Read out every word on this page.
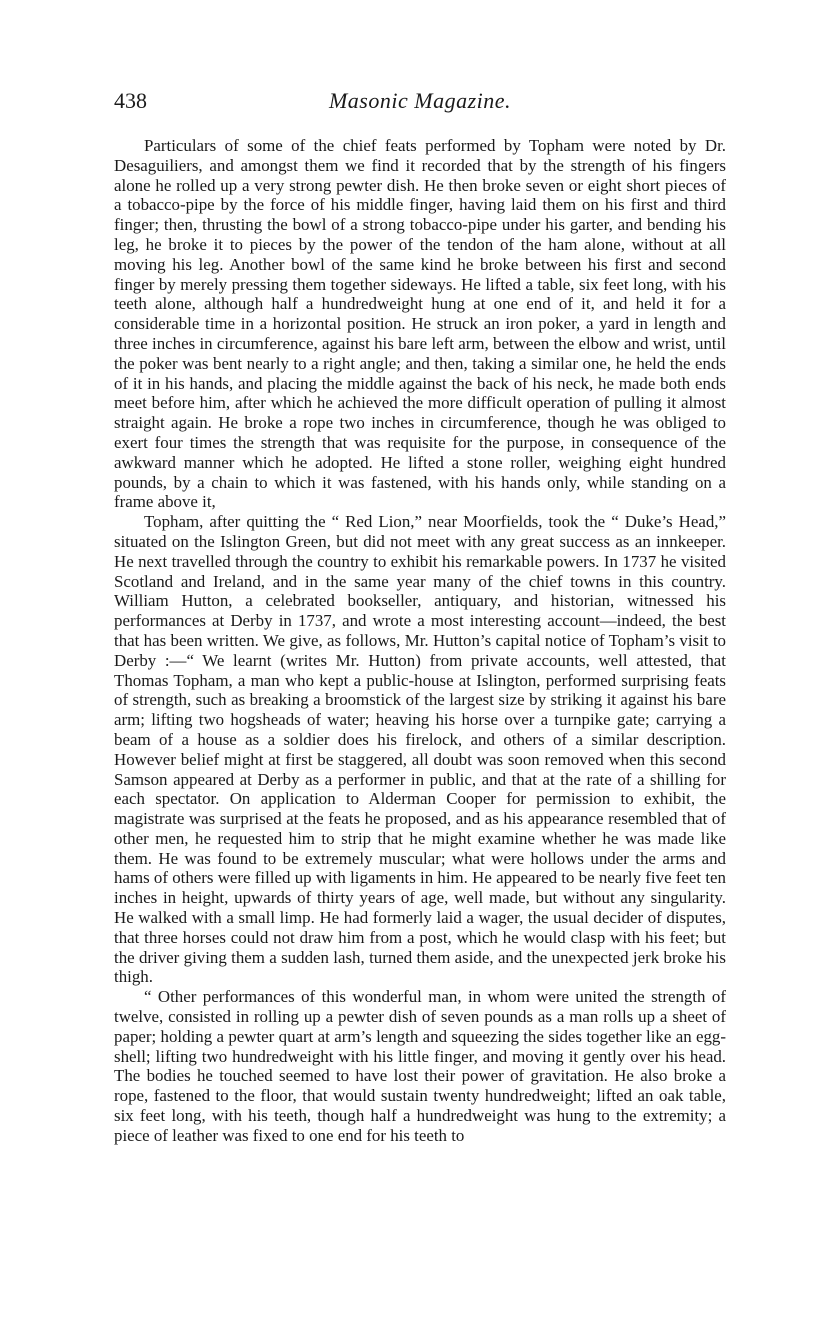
438	Masonic Magazine.

Particulars of some of the chief feats performed by Topham were noted by Dr. Desaguiliers, and amongst them we find it recorded that by the strength of his fingers alone he rolled up a very strong pewter dish. He then broke seven or eight short pieces of a tobacco-pipe by the force of his middle finger, having laid them on his first and third finger; then, thrusting the bowl of a strong tobacco-pipe under his garter, and bending his leg, he broke it to pieces by the power of the tendon of the ham alone, without at all moving his leg. Another bowl of the same kind he broke between his first and second finger by merely pressing them together sideways. He lifted a table, six feet long, with his teeth alone, although half a hundredweight hung at one end of it, and held it for a considerable time in a horizontal position. He struck an iron poker, a yard in length and three inches in circumference, against his bare left arm, between the elbow and wrist, until the poker was bent nearly to a right angle; and then, taking a similar one, he held the ends of it in his hands, and placing the middle against the back of his neck, he made both ends meet before him, after which he achieved the more difficult operation of pulling it almost straight again. He broke a rope two inches in circumference, though he was obliged to exert four times the strength that was requisite for the purpose, in consequence of the awkward manner which he adopted. He lifted a stone roller, weighing eight hundred pounds, by a chain to which it was fastened, with his hands only, while standing on a frame above it,

Topham, after quitting the “ Red Lion,” near Moorfields, took the “ Duke’s Head,” situated on the Islington Green, but did not meet with any great success as an innkeeper. He next travelled through the country to exhibit his remarkable powers. In 1737 he visited Scotland and Ireland, and in the same year many of the chief towns in this country. William Hutton, a celebrated bookseller, antiquary, and historian, witnessed his performances at Derby in 1737, and wrote a most interesting account—indeed, the best that has been written. We give, as follows, Mr. Hutton’s capital notice of Topham’s visit to Derby :—“ We learnt (writes Mr. Hutton) from private accounts, well attested, that Thomas Topham, a man who kept a public-house at Islington, performed surprising feats of strength, such as breaking a broomstick of the largest size by striking it against his bare arm; lifting two hogsheads of water; heaving his horse over a turnpike gate; carrying a beam of a house as a soldier does his firelock, and others of a similar description. However belief might at first be staggered, all doubt was soon removed when this second Samson appeared at Derby as a performer in public, and that at the rate of a shilling for each spectator. On application to Alderman Cooper for permission to exhibit, the magistrate was surprised at the feats he proposed, and as his appearance resembled that of other men, he requested him to strip that he might examine whether he was made like them. He was found to be extremely muscular; what were hollows under the arms and hams of others were filled up with ligaments in him. He appeared to be nearly five feet ten inches in height, upwards of thirty years of age, well made, but without any singularity. He walked with a small limp. He had formerly laid a wager, the usual decider of disputes, that three horses could not draw him from a post, which he would clasp with his feet; but the driver giving them a sudden lash, turned them aside, and the unexpected jerk broke his thigh.

“ Other performances of this wonderful man, in whom were united the strength of twelve, consisted in rolling up a pewter dish of seven pounds as a man rolls up a sheet of paper; holding a pewter quart at arm’s length and squeezing the sides together like an egg-shell; lifting two hundredweight with his little finger, and moving it gently over his head. The bodies he touched seemed to have lost their power of gravitation. He also broke a rope, fastened to the floor, that would sustain twenty hundredweight; lifted an oak table, six feet long, with his teeth, though half a hundredweight was hung to the extremity; a piece of leather was fixed to one end for his teeth to
